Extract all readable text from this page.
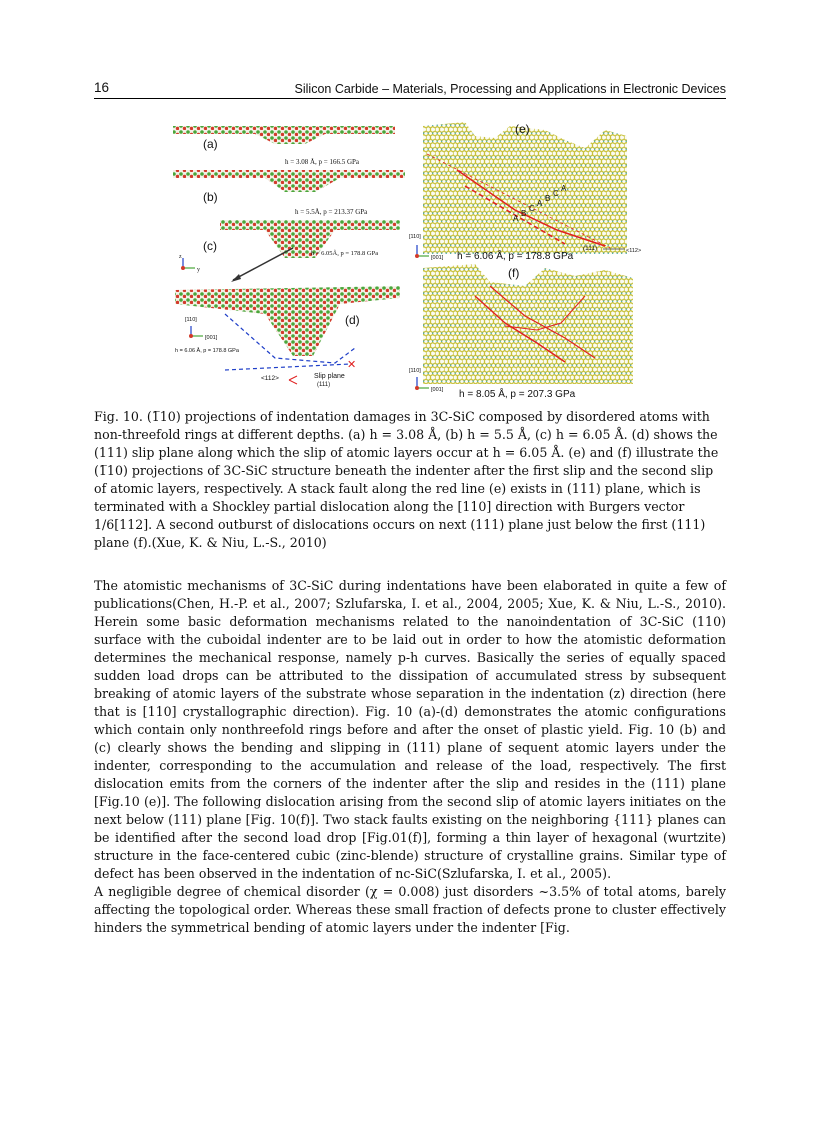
16	Silicon Carbide – Materials, Processing and Applications in Electronic Devices
(a)
h = 3.08 Å, p = 166.5 GPa
(b)
h = 5.5Å, p = 213.37 GPa
(c)
h = 6.05Å, p = 178.8 GPa
z
y
✕
(d)
[110]
[001]
h = 6.06 Å, p = 178.8 GPa
<112>	Slip plane
(111)
(e)
A
B
C
A
B
C
A
[110]
[001] h = 6.06 Å, p = 178.8 GPa
(111)	<112>
(f)
[110]
[001] h = 8.05 Å, p = 207.3 GPa

Fig. 10. (1̅10) projections of indentation damages in 3C-SiC composed by disordered atoms with non-threefold rings at different depths. (a) h = 3.08 Å, (b) h = 5.5 Å, (c) h = 6.05 Å. (d) shows the (111) slip plane along which the slip of atomic layers occur at h = 6.05 Å. (e) and (f) illustrate the (1̅10) projections of 3C-SiC structure beneath the indenter after the first slip and the second slip of atomic layers, respectively. A stack fault along the red line (e) exists in (111) plane, which is terminated with a Shockley partial dislocation along the [110] direction with Burgers vector 1/6[112]. A second outburst of dislocations occurs on next (111) plane just below the first (111) plane (f).(Xue, K. & Niu, L.-S., 2010)

The atomistic mechanisms of 3C-SiC during indentations have been elaborated in quite a few of publications(Chen, H.-P. et al., 2007; Szlufarska, I. et al., 2004, 2005; Xue, K. & Niu, L.-S., 2010). Herein some basic deformation mechanisms related to the nanoindentation of 3C-SiC (110) surface with the cuboidal indenter are to be laid out in order to how the atomistic deformation determines the mechanical response, namely p-h curves. Basically the series of equally spaced sudden load drops can be attributed to the dissipation of accumulated stress by subsequent breaking of atomic layers of the substrate whose separation in the indentation (z) direction (here that is [110] crystallographic direction). Fig. 10 (a)-(d) demonstrates the atomic configurations which contain only nonthreefold rings before and after the onset of plastic yield. Fig. 10 (b) and (c) clearly shows the bending and slipping in (111) plane of sequent atomic layers under the indenter, corresponding to the accumulation and release of the load, respectively. The first dislocation emits from the corners of the indenter after the slip and resides in the (111) plane [Fig.10 (e)]. The following dislocation arising from the second slip of atomic layers initiates on the next below (111) plane [Fig. 10(f)]. Two stack faults existing on the neighboring {111} planes can be identified after the second load drop [Fig.01(f)], forming a thin layer of hexagonal (wurtzite) structure in the face-centered cubic (zinc-blende) structure of crystalline grains. Similar type of defect has been observed in the indentation of nc-SiC(Szlufarska, I. et al., 2005).

A negligible degree of chemical disorder (χ = 0.008) just disorders ~3.5% of total atoms, barely affecting the topological order. Whereas these small fraction of defects prone to cluster effectively hinders the symmetrical bending of atomic layers under the indenter [Fig.
